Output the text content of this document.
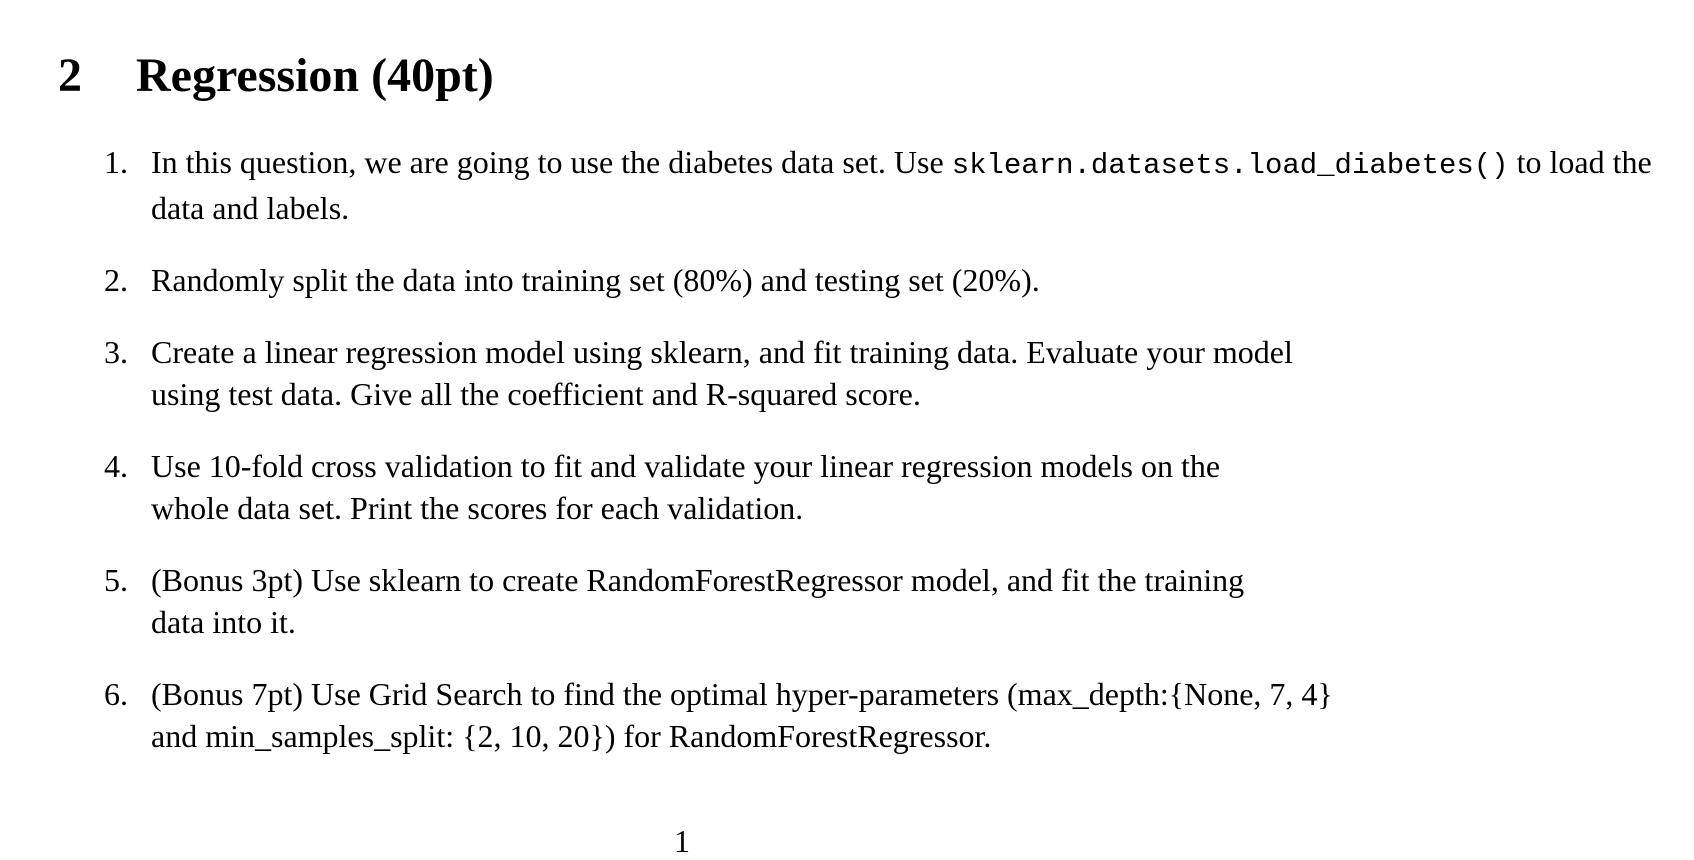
2 Regression (40pt)
1. In this question, we are going to use the diabetes data set. Use sklearn.datasets.load_diabetes() to load the data and labels.
2. Randomly split the data into training set (80%) and testing set (20%).
3. Create a linear regression model using sklearn, and fit training data. Evaluate your model using test data. Give all the coefficient and R-squared score.
4. Use 10-fold cross validation to fit and validate your linear regression models on the whole data set. Print the scores for each validation.
5. (Bonus 3pt) Use sklearn to create RandomForestRegressor model, and fit the training data into it.
6. (Bonus 7pt) Use Grid Search to find the optimal hyper-parameters (max_depth:{None, 7, 4} and min_samples_split: {2, 10, 20}) for RandomForestRegressor.
1
